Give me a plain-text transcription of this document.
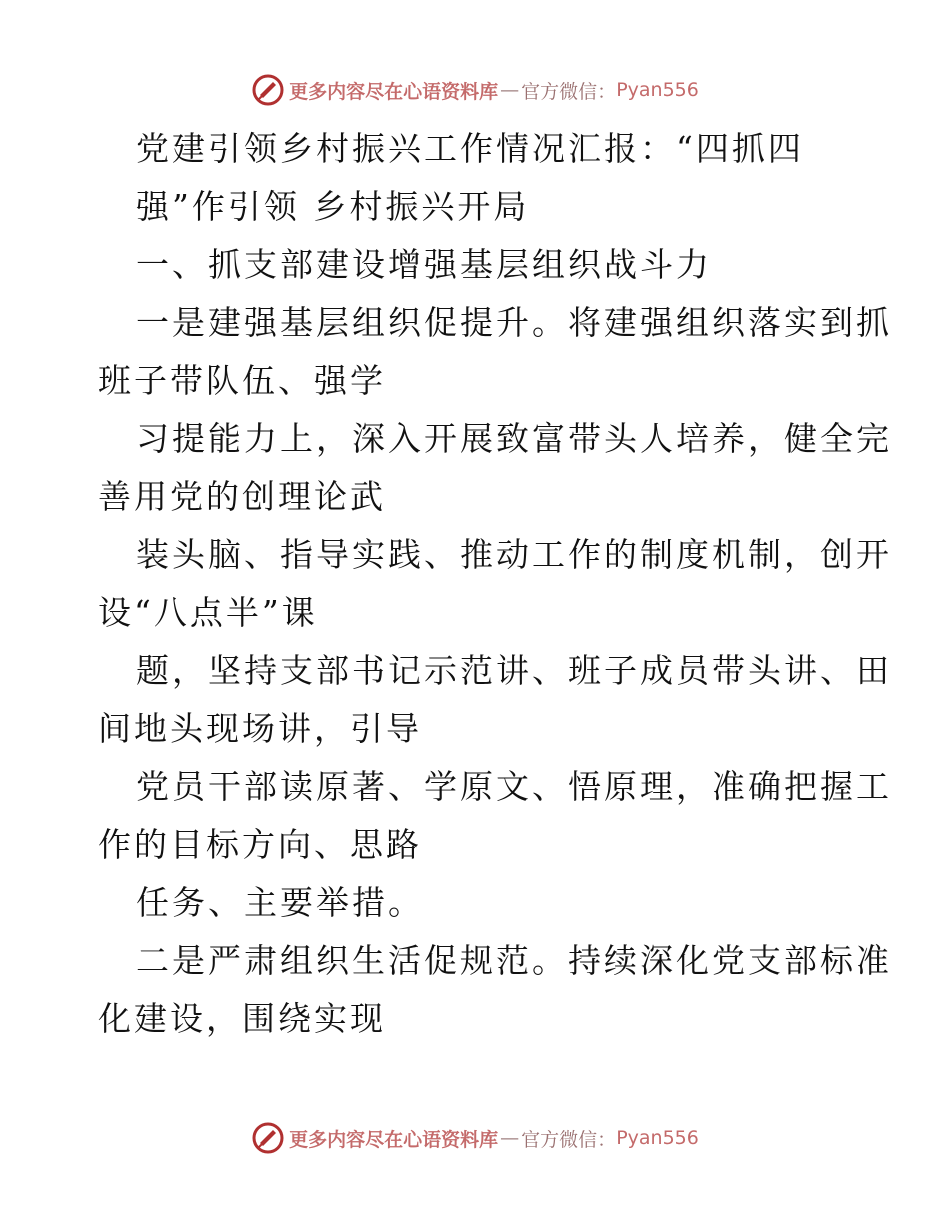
更多内容尽在心语资料库 — 官方微信： Pyan556
党建引领乡村振兴工作情况汇报：“四抓四
强”作引领 乡村振兴开局
一、抓支部建设增强基层组织战斗力
一是建强基层组织促提升。将建强组织落实到抓
班子带队伍、强学
习提能力上，深入开展致富带头人培养，健全完
善用党的创理论武
装头脑、指导实践、推动工作的制度机制，创开
设“八点半”课
题，坚持支部书记示范讲、班子成员带头讲、田
间地头现场讲，引导
党员干部读原著、学原文、悟原理，准确把握工
作的目标方向、思路
任务、主要举措。
二是严肃组织生活促规范。持续深化党支部标准
化建设，围绕实现
更多内容尽在心语资料库 — 官方微信： Pyan556
